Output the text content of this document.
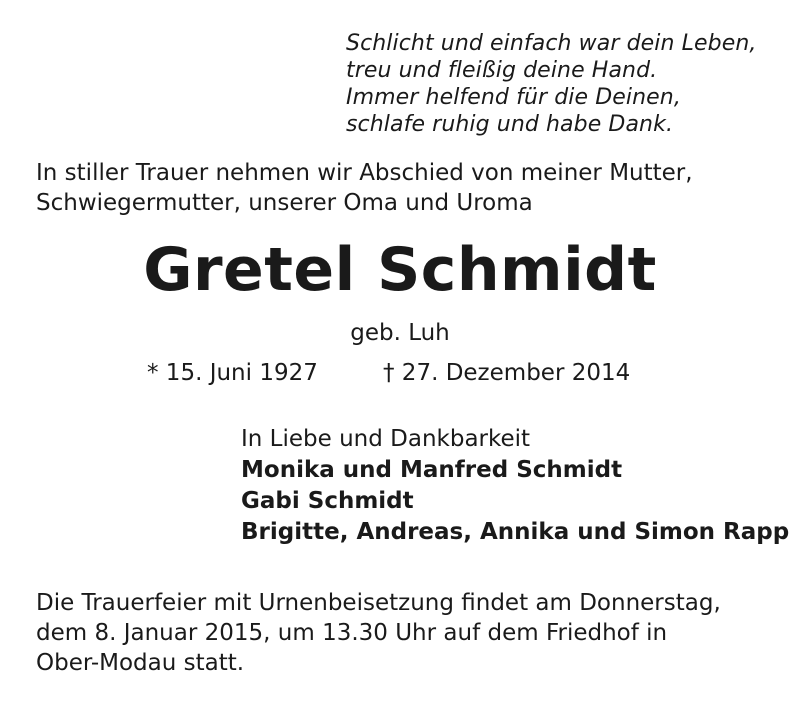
Schlicht und einfach war dein Leben,
treu und fleißig deine Hand.
Immer helfend für die Deinen,
schlafe ruhig und habe Dank.
In stiller Trauer nehmen wir Abschied von meiner Mutter,
Schwiegermutter, unserer Oma und Uroma
Gretel Schmidt
geb. Luh
* 15. Juni 1927	† 27. Dezember 2014
In Liebe und Dankbarkeit
Monika und Manfred Schmidt
Gabi Schmidt
Brigitte, Andreas, Annika und Simon Rapp
Die Trauerfeier mit Urnenbeisetzung findet am Donnerstag,
dem 8. Januar 2015, um 13.30 Uhr auf dem Friedhof in
Ober-Modau statt.
